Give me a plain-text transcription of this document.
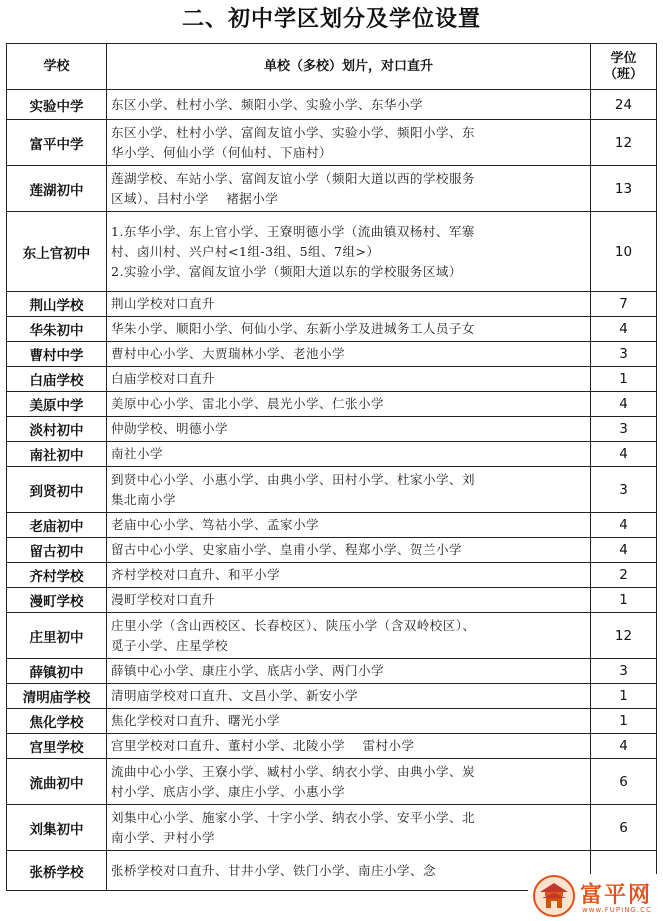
二、初中学区划分及学位设置
学校	单校（多校）划片，对口直升	学位
（班）

实验中学	东区小学、杜村小学、频阳小学、实验小学、东华小学	24
富平中学	东区小学、杜村小学、富阎友谊小学、实验小学、频阳小学、东
华小学、何仙小学（何仙村、下庙村）	12
莲湖初中	莲湖学校、车站小学、富阎友谊小学（频阳大道以西的学校服务
区域）、吕村小学　 褚据小学	13
东上官初中	1.东华小学、东上官小学、王寮明德小学（流曲镇双杨村、军寨
村、卤川村、兴户村<1组-3组、5组、7组>）
2.实验小学、富阎友谊小学（频阳大道以东的学校服务区域）	10
荆山学校	荆山学校对口直升	7
华朱初中	华朱小学、顺阳小学、何仙小学、东新小学及进城务工人员子女	4
曹村中学	曹村中心小学、大贾瑞林小学、老池小学	3
白庙学校	白庙学校对口直升	1
美原中学	美原中心小学、雷北小学、晨光小学、仁张小学	4
淡村初中	仲勋学校、明德小学	3
南社初中	南社小学	4
到贤初中	到贤中心小学、小惠小学、由典小学、田村小学、杜家小学、刘
集北南小学	3
老庙初中	老庙中心小学、笃祜小学、孟家小学	4
留古初中	留古中心小学、史家庙小学、皇甫小学、程郑小学、贺兰小学	4
齐村学校	齐村学校对口直升、和平小学	2
漫町学校	漫町学校对口直升	1
庄里初中	庄里小学（含山西校区、长春校区）、陕压小学（含双岭校区）、
觅子小学、庄星学校	12
薛镇初中	薛镇中心小学、康庄小学、底店小学、两门小学	3
清明庙学校	清明庙学校对口直升、文昌小学、新安小学	1
焦化学校	焦化学校对口直升、曙光小学	1
宫里学校	宫里学校对口直升、董村小学、北陵小学　 雷村小学	4
流曲初中	流曲中心小学、王寮小学、臧村小学、纳衣小学、由典小学、炭
村小学、底店小学、康庄小学、小惠小学	6
刘集初中	刘集中心小学、施家小学、十字小学、纳衣小学、安平小学、北
南小学、尹村小学	6
张桥学校	张桥学校对口直升、甘井小学、铁门小学、南庄小学、念	

富平网
www.FUPING.CC
